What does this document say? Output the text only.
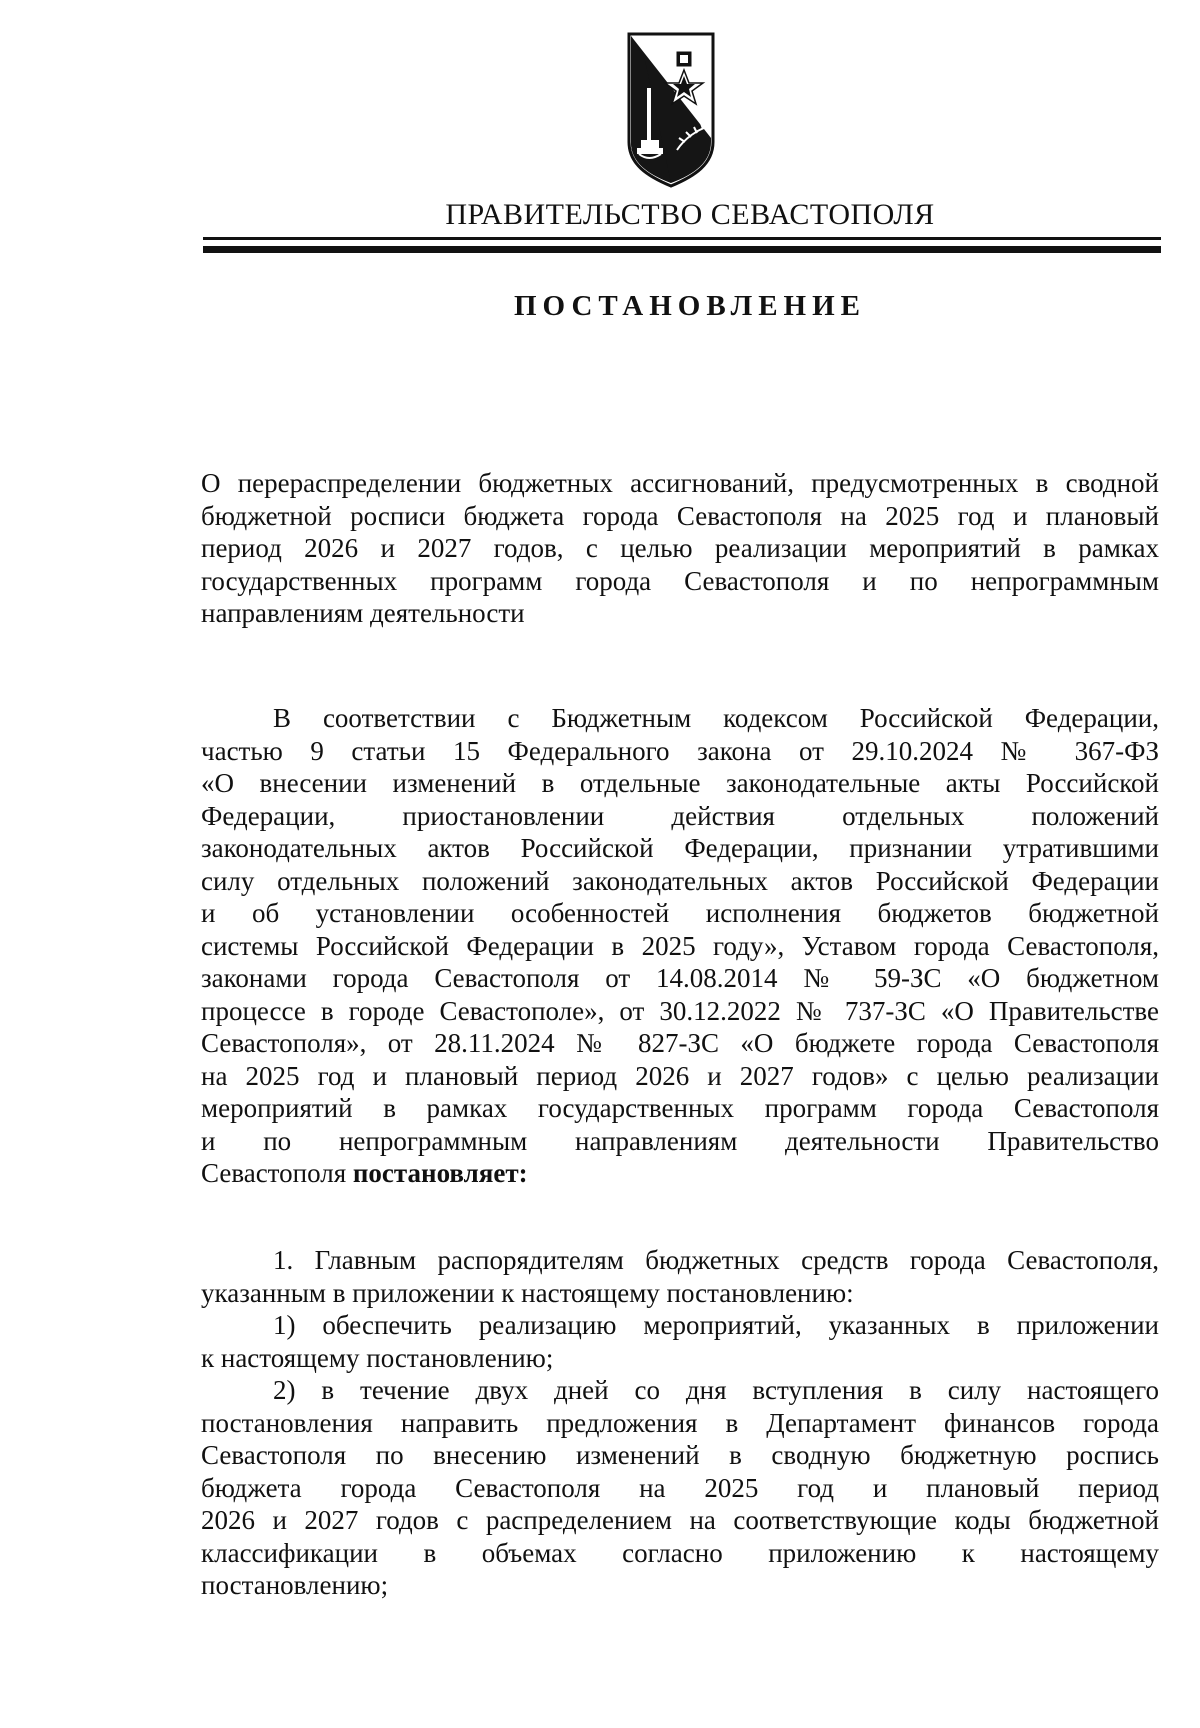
ПРАВИТЕЛЬСТВО СЕВАСТОПОЛЯ
ПОСТАНОВЛЕНИЕ
О перераспределении бюджетных ассигнований, предусмотренных в сводной
бюджетной росписи бюджета города Севастополя на 2025 год и плановый
период 2026 и 2027 годов, с целью реализации мероприятий в рамках
государственных программ города Севастополя и по непрограммным
направлениям деятельности
В соответствии с Бюджетным кодексом Российской Федерации,
частью 9 статьи 15 Федерального закона от 29.10.2024 № 367-ФЗ
«О внесении изменений в отдельные законодательные акты Российской
Федерации, приостановлении действия отдельных положений
законодательных актов Российской Федерации, признании утратившими
силу отдельных положений законодательных актов Российской Федерации
и об установлении особенностей исполнения бюджетов бюджетной
системы Российской Федерации в 2025 году», Уставом города Севастополя,
законами города Севастополя от 14.08.2014 № 59-ЗС «О бюджетном
процессе в городе Севастополе», от 30.12.2022 № 737-ЗС «О Правительстве
Севастополя», от 28.11.2024 № 827-ЗС «О бюджете города Севастополя
на 2025 год и плановый период 2026 и 2027 годов» с целью реализации
мероприятий в рамках государственных программ города Севастополя
и по непрограммным направлениям деятельности Правительство
Севастополя постановляет:
1. Главным распорядителям бюджетных средств города Севастополя,
указанным в приложении к настоящему постановлению:
1) обеспечить реализацию мероприятий, указанных в приложении
к настоящему постановлению;
2) в течение двух дней со дня вступления в силу настоящего
постановления направить предложения в Департамент финансов города
Севастополя по внесению изменений в сводную бюджетную роспись
бюджета города Севастополя на 2025 год и плановый период
2026 и 2027 годов с распределением на соответствующие коды бюджетной
классификации в объемах согласно приложению к настоящему
постановлению;
